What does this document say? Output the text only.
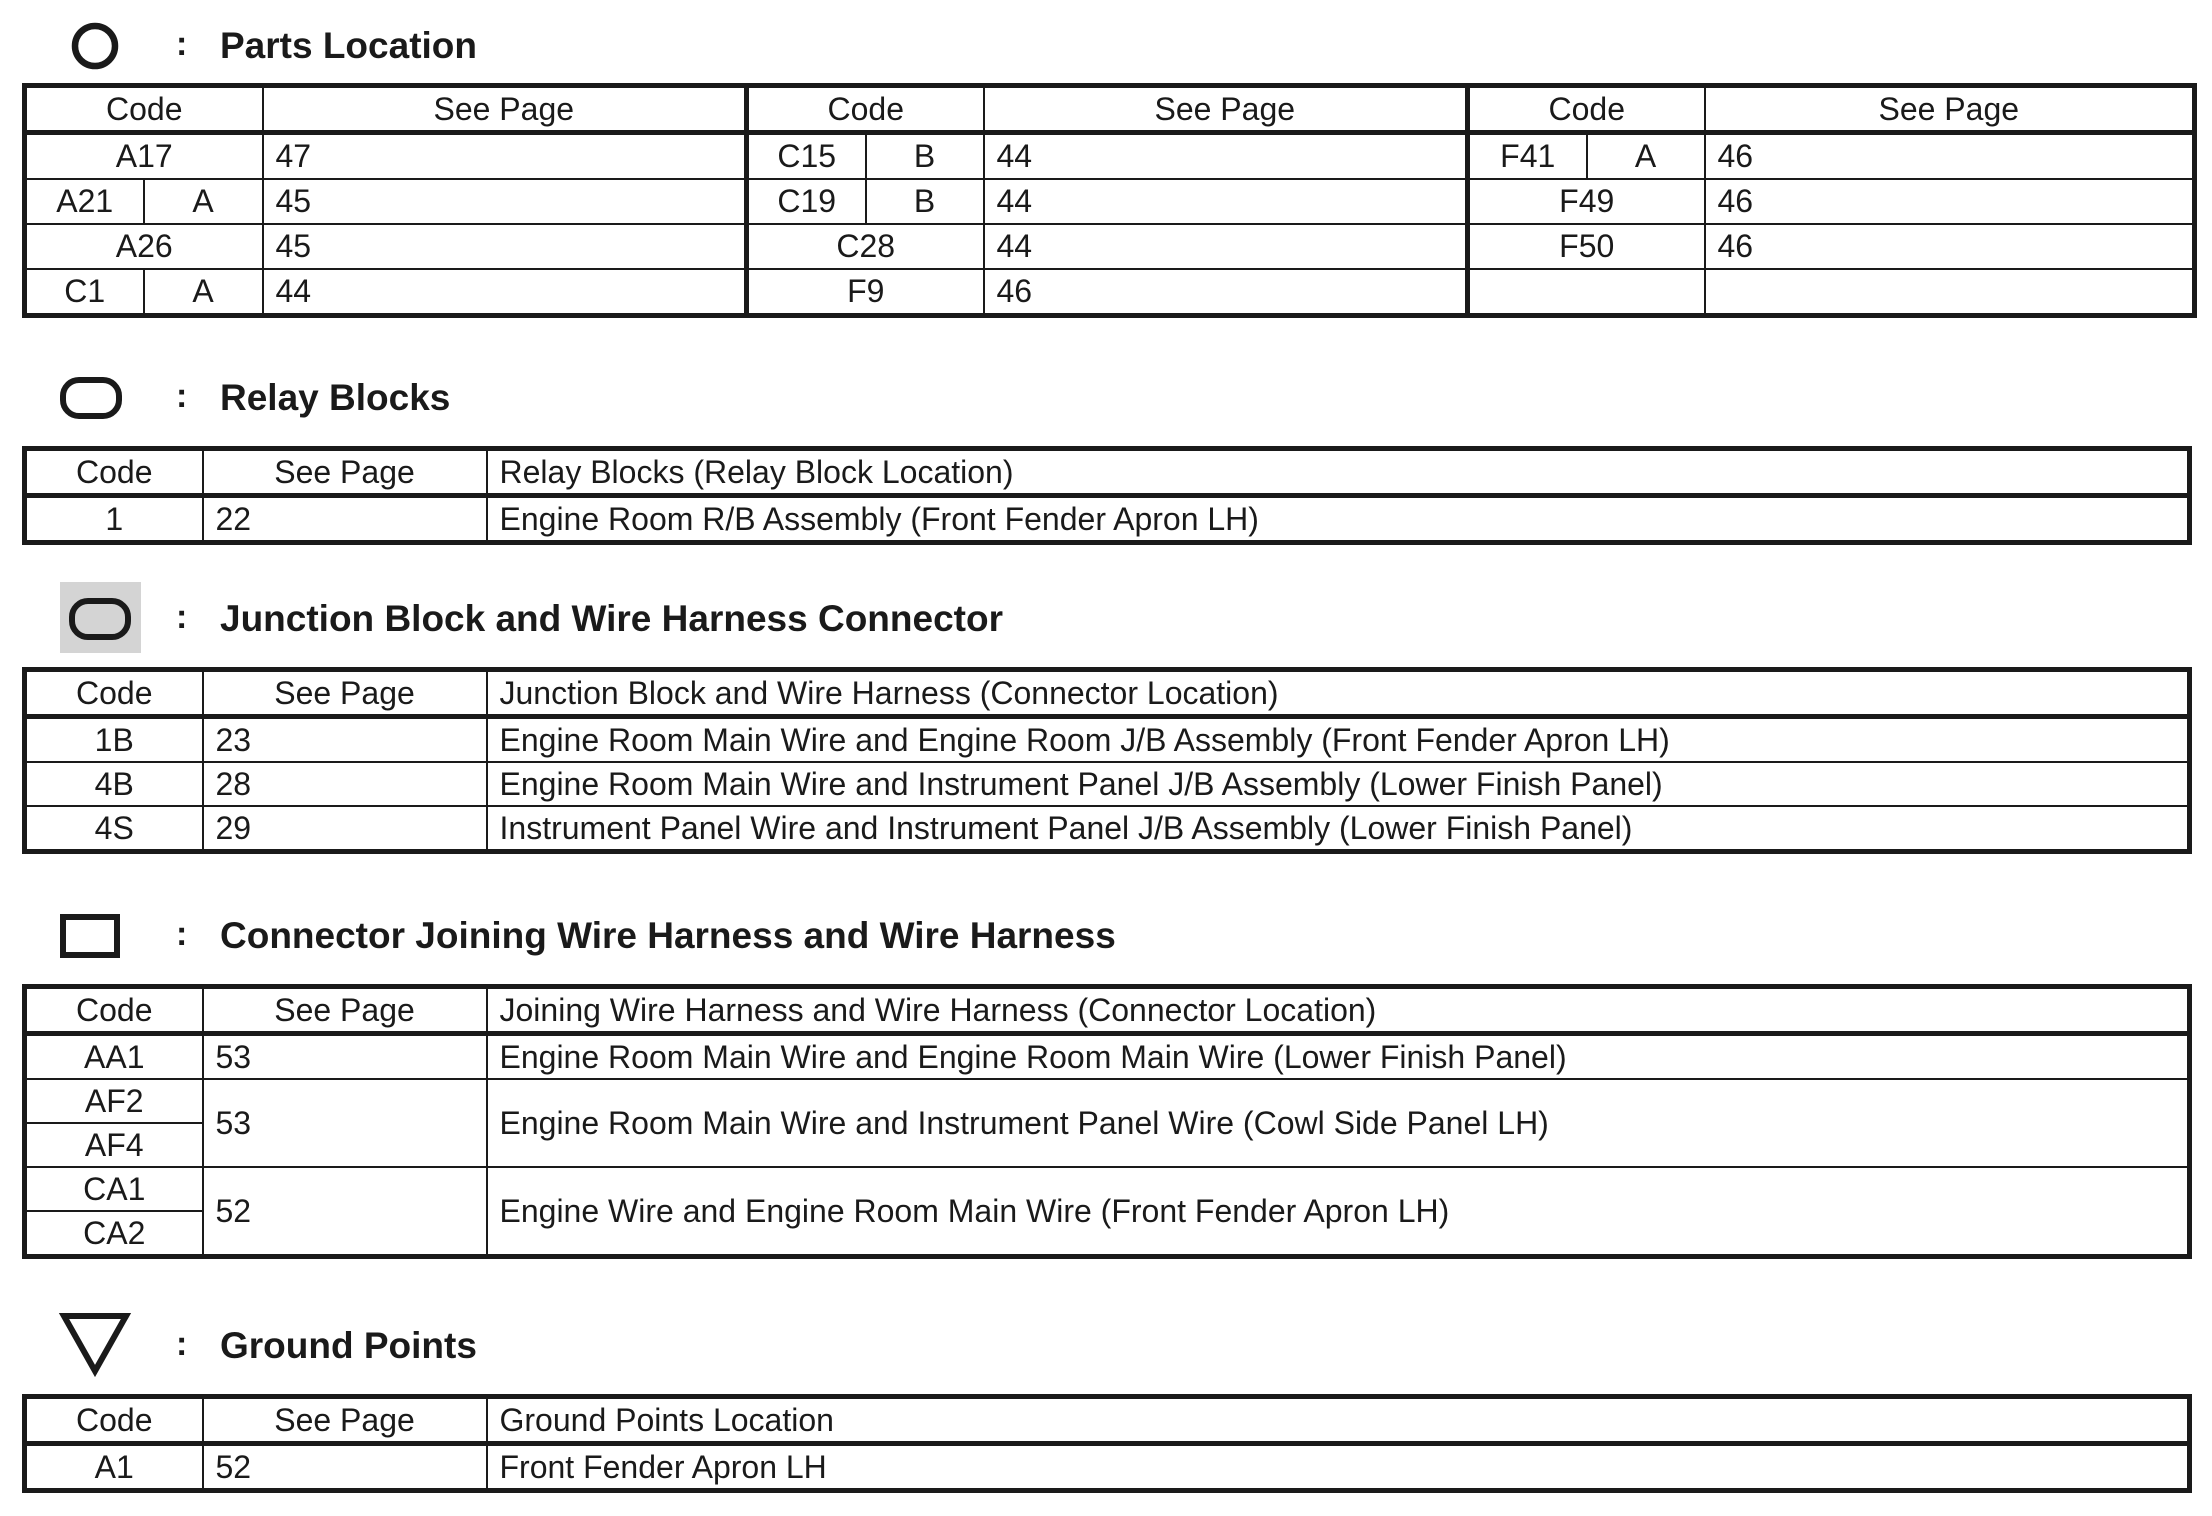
: Parts Location
Code		See Page	Code		See Page	Code		See Page
A17		47	C15	B	44	F41	A	46
A21	A	45	C19	B	44	F49		46
A26		45	C28		44	F50		46
C1	A	44	F9		46			
: Relay Blocks
Code	See Page	Relay Blocks (Relay Block Location)
1	22	Engine Room R/B Assembly (Front Fender Apron LH)
: Junction Block and Wire Harness Connector
Code	See Page	Junction Block and Wire Harness (Connector Location)
1B	23	Engine Room Main Wire and Engine Room J/B Assembly (Front Fender Apron LH)
4B	28	Engine Room Main Wire and Instrument Panel J/B Assembly (Lower Finish Panel)
4S	29	Instrument Panel Wire and Instrument Panel J/B Assembly (Lower Finish Panel)
: Connector Joining Wire Harness and Wire Harness
Code	See Page	Joining Wire Harness and Wire Harness (Connector Location)
AA1	53	Engine Room Main Wire and Engine Room Main Wire (Lower Finish Panel)
AF2	53	Engine Room Main Wire and Instrument Panel Wire (Cowl Side Panel LH)
AF4		
CA1	52	Engine Wire and Engine Room Main Wire (Front Fender Apron LH)
CA2		
: Ground Points
Code	See Page	Ground Points Location
A1	52	Front Fender Apron LH
